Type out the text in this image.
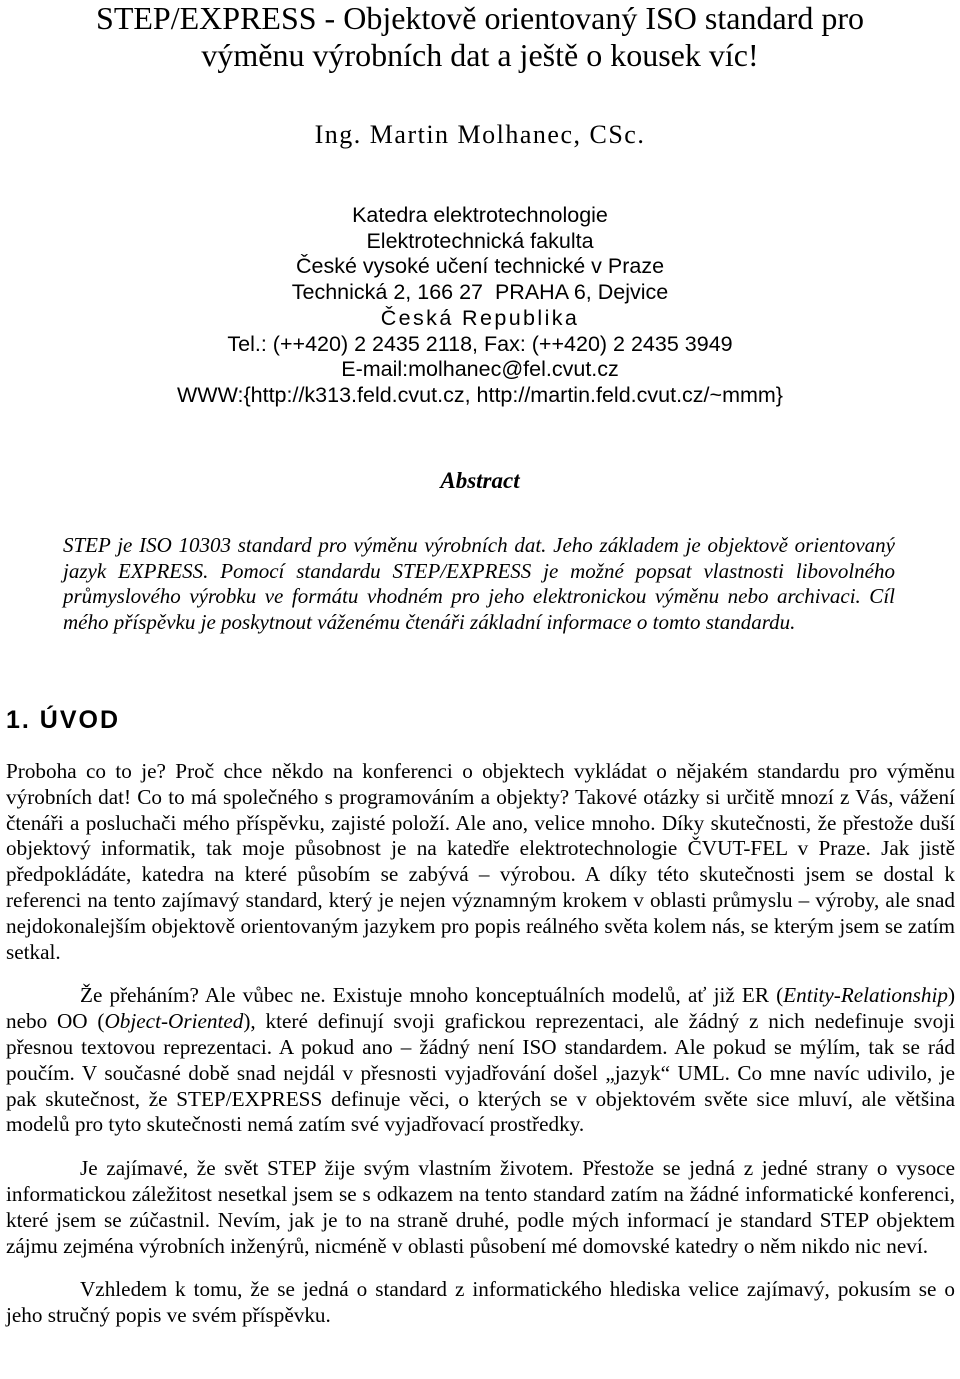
STEP/EXPRESS - Objektově orientovaný ISO standard pro
výměnu výrobních dat a ještě o kousek víc!
Ing. Martin Molhanec, CSc.
Katedra elektrotechnologie
Elektrotechnická fakulta
České vysoké učení technické v Praze
Technická 2, 166 27  PRAHA 6, Dejvice
Česká Republika
Tel.: (++420) 2 2435 2118, Fax: (++420) 2 2435 3949
E-mail:molhanec@fel.cvut.cz
WWW:{http://k313.feld.cvut.cz, http://martin.feld.cvut.cz/~mmm}
Abstract

STEP je ISO 10303 standard pro výměnu výrobních dat. Jeho základem je objektově orientovaný jazyk EXPRESS. Pomocí standardu STEP/EXPRESS je možné popsat vlastnosti libovolného průmyslového výrobku ve formátu vhodném pro jeho elektronickou výměnu nebo archivaci. Cíl mého příspěvku je poskytnout váženému čtenáři základní informace o tomto standardu.

1. ÚVOD

Proboha co to je? Proč chce někdo na konferenci o objektech vykládat o nějakém standardu pro výměnu výrobních dat! Co to má společného s programováním a objekty? Takové otázky si určitě mnozí z Vás, vážení čtenáři a posluchači mého příspěvku, zajisté položí. Ale ano, velice mnoho. Díky skutečnosti, že přestože duší objektový informatik, tak moje působnost je na katedře elektrotechnologie ČVUT-FEL v Praze. Jak jistě předpokládáte, katedra na které působím se zabývá – výrobou. A díky této skutečnosti jsem se dostal k referenci na tento zajímavý standard, který je nejen významným krokem v oblasti průmyslu – výroby, ale snad nejdokonalejším objektově orientovaným jazykem pro popis reálného světa kolem nás, se kterým jsem se zatím setkal.

Že přeháním? Ale vůbec ne. Existuje mnoho konceptuálních modelů, ať již ER (Entity-Relationship) nebo OO (Object-Oriented), které definují svoji grafickou reprezentaci, ale žádný z nich nedefinuje svoji přesnou textovou reprezentaci. A pokud ano – žádný není ISO standardem. Ale pokud se mýlím, tak se rád poučím. V současné době snad nejdál v přesnosti vyjadřování došel „jazyk“ UML. Co mne navíc udivilo, je pak skutečnost, že STEP/EXPRESS definuje věci, o kterých se v objektovém světe sice mluví, ale většina modelů pro tyto skutečnosti nemá zatím své vyjadřovací prostředky.

Je zajímavé, že svět STEP žije svým vlastním životem. Přestože se jedná z jedné strany o vysoce informatickou záležitost nesetkal jsem se s odkazem na tento standard zatím na žádné informatické konferenci, které jsem se zúčastnil. Nevím, jak je to na straně druhé, podle mých informací je standard STEP objektem zájmu zejména výrobních inženýrů, nicméně v oblasti působení mé domovské katedry o něm nikdo nic neví.

Vzhledem k tomu, že se jedná o standard z informatického hlediska velice zajímavý, pokusím se o jeho stručný popis ve svém příspěvku.
